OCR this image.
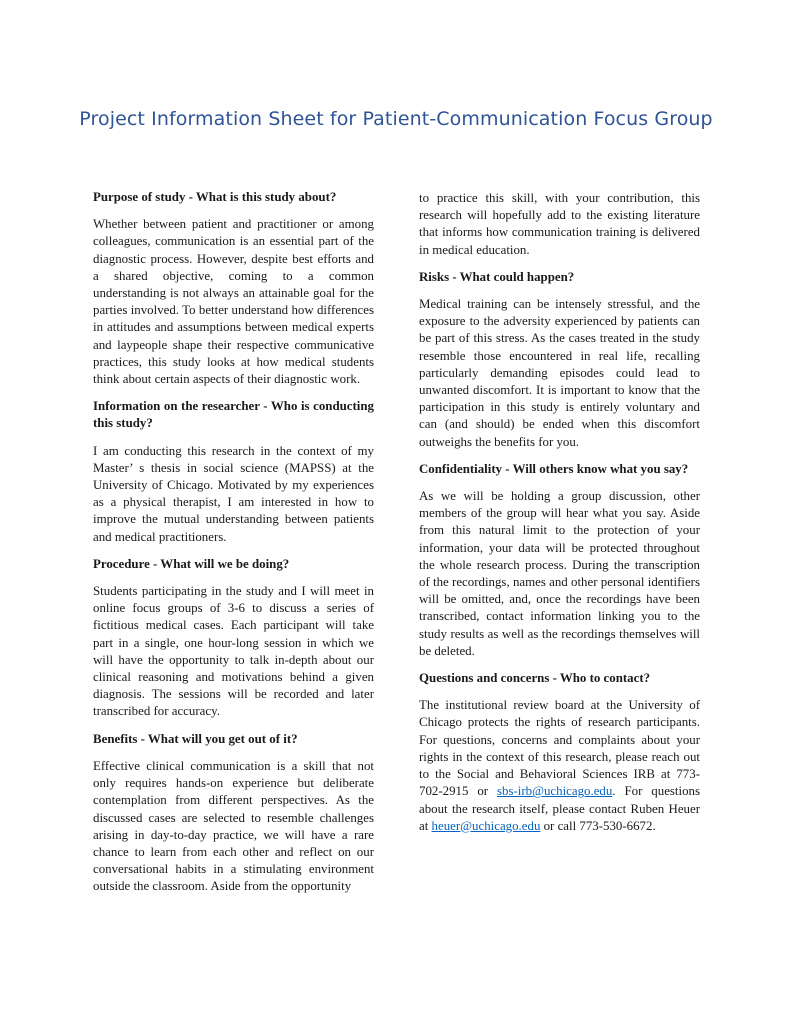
Project Information Sheet for Patient-Communication Focus Group
Purpose of study - What is this study about?

Whether between patient and practitioner or among colleagues, communication is an essential part of the diagnostic process. However, despite best efforts and a shared objective, coming to a common understanding is not always an attainable goal for the parties involved. To better understand how differences in attitudes and assumptions between medical experts and laypeople shape their respective communicative practices, this study looks at how medical students think about certain aspects of their diagnostic work.

Information on the researcher - Who is conducting this study?

I am conducting this research in the context of my Master’ s thesis in social science (MAPSS) at the University of Chicago. Motivated by my experiences as a physical therapist, I am interested in how to improve the mutual understanding between patients and medical practitioners.

Procedure - What will we be doing?

Students participating in the study and I will meet in online focus groups of 3-6 to discuss a series of fictitious medical cases. Each participant will take part in a single, one hour-long session in which we will have the opportunity to talk in-depth about our clinical reasoning and motivations behind a given diagnosis. The sessions will be recorded and later transcribed for accuracy.

Benefits - What will you get out of it?

Effective clinical communication is a skill that not only requires hands-on experience but deliberate contemplation from different perspectives. As the discussed cases are selected to resemble challenges arising in day-to-day practice, we will have a rare chance to learn from each other and reflect on our conversational habits in a stimulating environment outside the classroom. Aside from the opportunity

to practice this skill, with your contribution, this research will hopefully add to the existing literature that informs how communication training is delivered in medical education.

Risks - What could happen?

Medical training can be intensely stressful, and the exposure to the adversity experienced by patients can be part of this stress. As the cases treated in the study resemble those encountered in real life, recalling particularly demanding episodes could lead to unwanted discomfort. It is important to know that the participation in this study is entirely voluntary and can (and should) be ended when this discomfort outweighs the benefits for you.

Confidentiality - Will others know what you say?

As we will be holding a group discussion, other members of the group will hear what you say. Aside from this natural limit to the protection of your information, your data will be protected throughout the whole research process. During the transcription of the recordings, names and other personal identifiers will be omitted, and, once the recordings have been transcribed, contact information linking you to the study results as well as the recordings themselves will be deleted.

Questions and concerns - Who to contact?

The institutional review board at the University of Chicago protects the rights of research participants. For questions, concerns and complaints about your rights in the context of this research, please reach out to the Social and Behavioral Sciences IRB at 773-702-2915 or sbs-irb@uchicago.edu. For questions about the research itself, please contact Ruben Heuer at heuer@uchicago.edu or call 773-530-6672.
